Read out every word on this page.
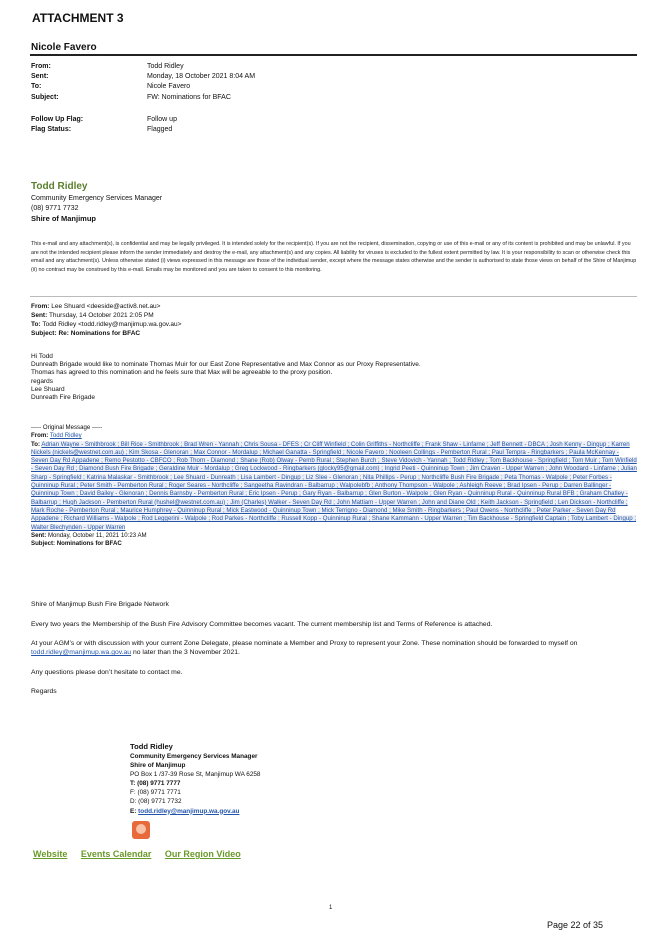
ATTACHMENT 3
Nicole Favero
From:	Todd Ridley
Sent:	Monday, 18 October 2021 8:04 AM
To:	Nicole Favero
Subject:	FW: Nominations for BFAC
Follow Up Flag:	Follow up
Flag Status:	Flagged
Todd Ridley
Community Emergency Services Manager
(08) 9771 7732
Shire of Manjimup
This e-mail and any attachment(s), is confidential and may be legally privileged. It is intended solely for the recipient(s). If you are not the recipient, dissemination, copying or use of this e-mail or any of its content is prohibited and may be unlawful. If you are not the intended recipient please inform the sender immediately and destroy the e-mail, any attachment(s) and any copies. All liability for viruses is excluded to the fullest extent permitted by law. It is your responsibility to scan or otherwise check this email and any attachment(s). Unless otherwise stated (i) views expressed in this message are those of the individual sender, except where the message states otherwise and the sender is authorised to state those views on behalf of the Shire of Manjimup (ii) no contract may be construed by this e-mail. Emails may be monitored and you are taken to consent to this monitoring.
From: Lee Shuard <deeside@activ8.net.au>
Sent: Thursday, 14 October 2021 2:05 PM
To: Todd Ridley <todd.ridley@manjimup.wa.gov.au>
Subject: Re: Nominations for BFAC
Hi Todd
Dunreath Brigade would like to nominate Thomas Muir for our East Zone Representative and Max Connor as our Proxy Representative.
Thomas has agreed to this nomination and he feels sure that Max will be agreeable to the proxy position.
regards
Lee Shuard
Dunreath Fire Brigade
----- Original Message -----
From: Todd Ridley
To: Adrian Wayne - Smithbrook ; Bill Rice - Smithbrook ; Brad Wren - Yannah ; Chris Sousa - DFES ; Cr Cliff Winfield ; Colin Griffiths - Northcliffe ; Frank Shaw - Linfarne ; Jeff Bennett - DBCA ; Josh Kenny - Dingup ; Karren Nickels (nickels@westnet.com.au) ; Kim Skosa - Glenoran ; Max Connor - Mordalup ; Michael Ganatta - Springfield ; Nicole Favero ; Nooleen Collings - Pemberton Rural ; Paul Tempra - Ringbarkers ; Paula McKennay - Seven Day Rd Appadene ; Remo Pestotto - CBFCO ; Rob Thorn - Diamond ; Shane (Rob) Olway - Pemb Rural ; Stephen Burch ; Steve Vidovich - Yannah ; Todd Ridley ; Tom Backhouse - Springfield ; Tom Muir ; Tom Winfield - Seven Day Rd ; Diamond Bush Fire Brigade ; Geraldine Muir - Mordalup ; Greg Lockwood - Ringbarkers (glocky95@gmail.com) ; Ingrid Peeti - Quinninup Town ; Jim Craven - Upper Warren ; John Woodard - Linfarne ; Julian Sharp - Springfield ; Katrina Malaskar - Smithbrook ; Lee Shuard - Dunreath ; Lisa Lambert - Dingup ; Liz Slee - Glenoran ; Nita Phillips - Perup ; Northcliffe Bush Fire Brigade ; Peta Thomas - Walpole ; Peter Forbes - Quinninup Rural ; Peter Smith - Pemberton Rural ; Roger Seares - Northcliffe ; Sangeetha Ravindran - Balbarrup ; Walpolebfb ; Anthony Thompson - Walpole ; Ashleigh Reeve ; Brad Ipsen - Perup ; Darren Ballinger - Quinninup Town ; David Bailey - Glenoran ; Dennis Barnsby - Pemberton Rural ; Eric Ipsen - Perup ; Gary Ryan - Balbarrup ; Glen Burton - Walpole ; Glen Ryan - Quinninup Rural - Quinninup Rural BFB ; Graham Chatley - Balbarrup ; Hugh Jackson - Pemberton Rural (hushel@westnet.com.au) ; Jim (Charles) Walker - Seven Day Rd ; John Mattiam - Upper Warren ; John and Diane Old ; Keith Jackson - Springfield ; Len Dickson - Northcliffe ; Mark Roche - Pemberton Rural ; Maurice Humphrey - Quinninup Rural ; Mick Eastwood - Quinninup Town ; Mick Terrigno - Diamond ; Mike Smith - Ringbarkers ; Paul Owens - Northcliffe ; Peter Parker - Seven Day Rd Appadene ; Richard Williams - Walpole ; Rod Leggerini - Walpole ; Rod Parkes - Northcliffe ; Russell Kopp - Quinninup Rural ; Shane Kammann - Upper Warren ; Tim Backhouse - Springfield Captain ; Toby Lambert - Dingup ; Walter Blechynden - Upper Warren
Sent: Monday, October 11, 2021 10:23 AM
Subject: Nominations for BFAC

Shire of Manjimup Bush Fire Brigade Network

Every two years the Membership of the Bush Fire Advisory Committee becomes vacant. The current membership list and Terms of Reference is attached.

At your AGM’s or with discussion with your current Zone Delegate, please nominate a Member and Proxy to represent your Zone. These nomination should be forwarded to myself on todd.ridley@manjimup.wa.gov.au no later than the 3 November 2021.

Any questions please don’t hesitate to contact me.

Regards

Todd Ridley
Community Emergency Services Manager
Shire of Manjimup
PO Box 1 /37-39 Rose St, Manjimup WA 6258
T: (08) 9771 7777
F: (08) 9771 7771
D: (08) 9771 7732
E: todd.ridley@manjimup.wa.gov.au
Website Events Calendar Our Region Video
1
Page 22 of 35
